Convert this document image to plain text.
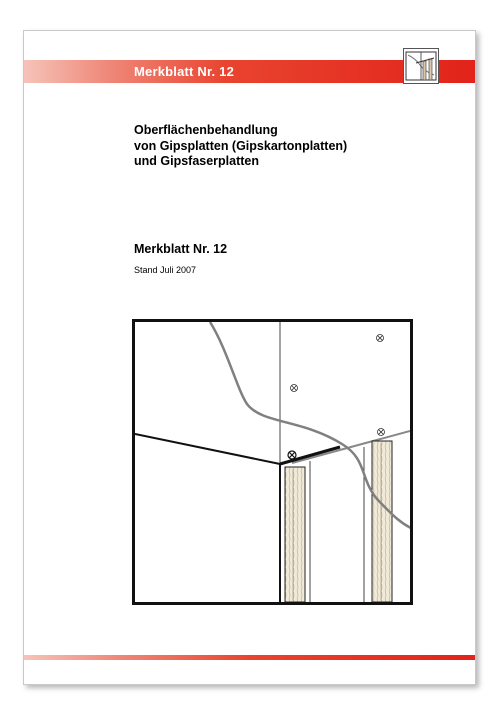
Merkblatt Nr. 12
Oberflächenbehandlung
von Gipsplatten (Gipskartonplatten)
und Gipsfaserplatten
Merkblatt Nr. 12
Stand Juli 2007
